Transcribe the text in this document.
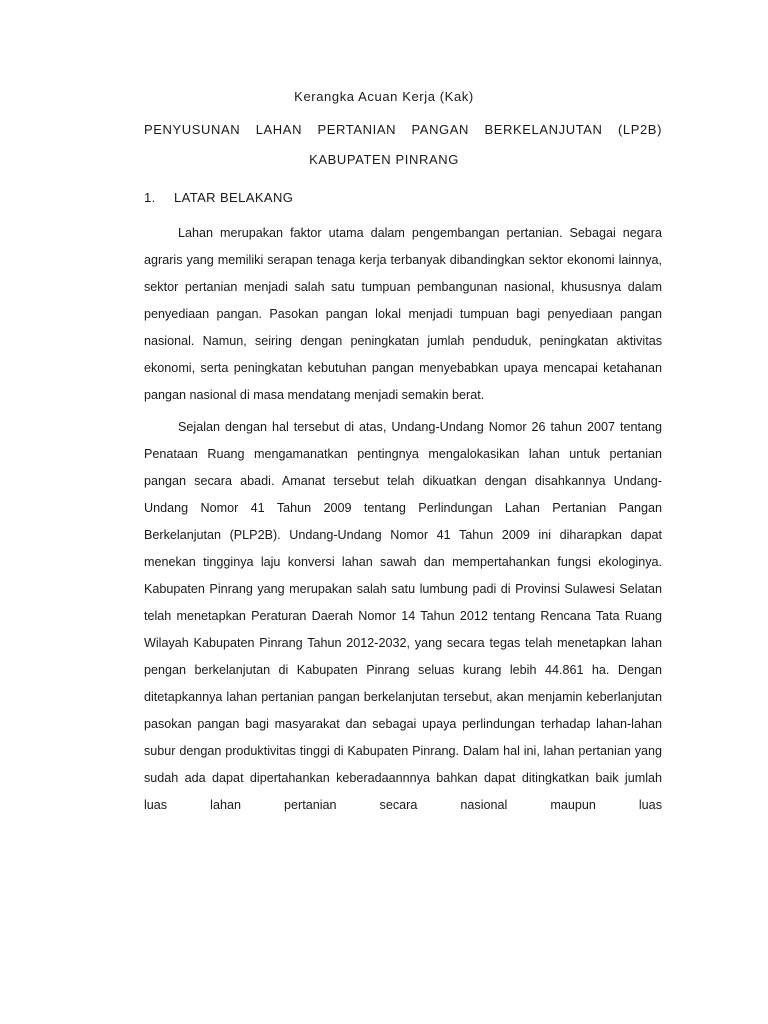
Kerangka Acuan Kerja (Kak)
PENYUSUNAN LAHAN PERTANIAN PANGAN BERKELANJUTAN (LP2B)
KABUPATEN PINRANG
1. LATAR BELAKANG

Lahan merupakan faktor utama dalam pengembangan pertanian. Sebagai negara agraris yang memiliki serapan tenaga kerja terbanyak dibandingkan sektor ekonomi lainnya, sektor pertanian menjadi salah satu tumpuan pembangunan nasional, khususnya dalam penyediaan pangan. Pasokan pangan lokal menjadi tumpuan bagi penyediaan pangan nasional. Namun, seiring dengan peningkatan jumlah penduduk, peningkatan aktivitas ekonomi, serta peningkatan kebutuhan pangan menyebabkan upaya mencapai ketahanan pangan nasional di masa mendatang menjadi semakin berat.

Sejalan dengan hal tersebut di atas, Undang-Undang Nomor 26 tahun 2007 tentang Penataan Ruang mengamanatkan pentingnya mengalokasikan lahan untuk pertanian pangan secara abadi. Amanat tersebut telah dikuatkan dengan disahkannya Undang-Undang Nomor 41 Tahun 2009 tentang Perlindungan Lahan Pertanian Pangan Berkelanjutan (PLP2B). Undang-Undang Nomor 41 Tahun 2009 ini diharapkan dapat menekan tingginya laju konversi lahan sawah dan mempertahankan fungsi ekologinya. Kabupaten Pinrang yang merupakan salah satu lumbung padi di Provinsi Sulawesi Selatan telah menetapkan Peraturan Daerah Nomor 14 Tahun 2012 tentang Rencana Tata Ruang Wilayah Kabupaten Pinrang Tahun 2012-2032, yang secara tegas telah menetapkan lahan pengan berkelanjutan di Kabupaten Pinrang seluas kurang lebih 44.861 ha. Dengan ditetapkannya lahan pertanian pangan berkelanjutan tersebut, akan menjamin keberlanjutan pasokan pangan bagi masyarakat dan sebagai upaya perlindungan terhadap lahan-lahan subur dengan produktivitas tinggi di Kabupaten Pinrang. Dalam hal ini, lahan pertanian yang sudah ada dapat dipertahankan keberadaannnya bahkan dapat ditingkatkan baik jumlah luas lahan pertanian secara nasional maupun luas
